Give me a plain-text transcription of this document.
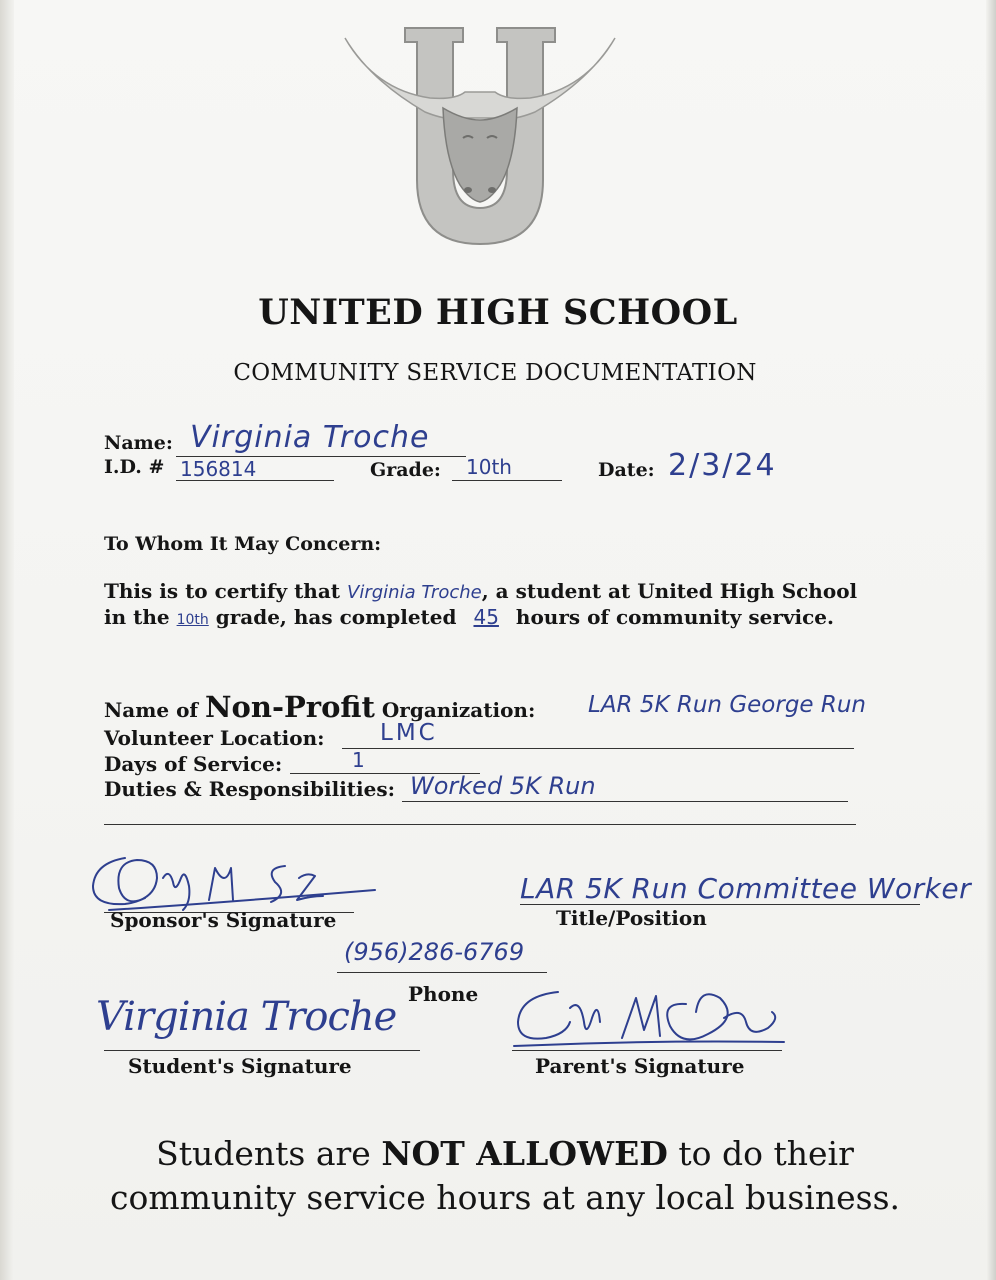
U
UNITED HIGH SCHOOL
COMMUNITY SERVICE DOCUMENTATION
Name: Virginia Troche
I.D. # 156814	Grade: 10th	Date: 2/3/24
To Whom It May Concern:
This is to certify that Virginia Troche, a student at United High School
in the 10th grade, has completed 45 hours of community service.
Name of Non-Profit Organization: LAR 5K Run George Run
Volunteer Location: LMC
Days of Service:	1
Duties & Responsibilities: Worked 5K Run
Sponsor's Signature
LAR 5K Run Committee Worker
Title/Position
(956)286-6769
Phone
Virginia Troche
Student's Signature	Parent's Signature
Students are NOT ALLOWED to do their
community service hours at any local business.
